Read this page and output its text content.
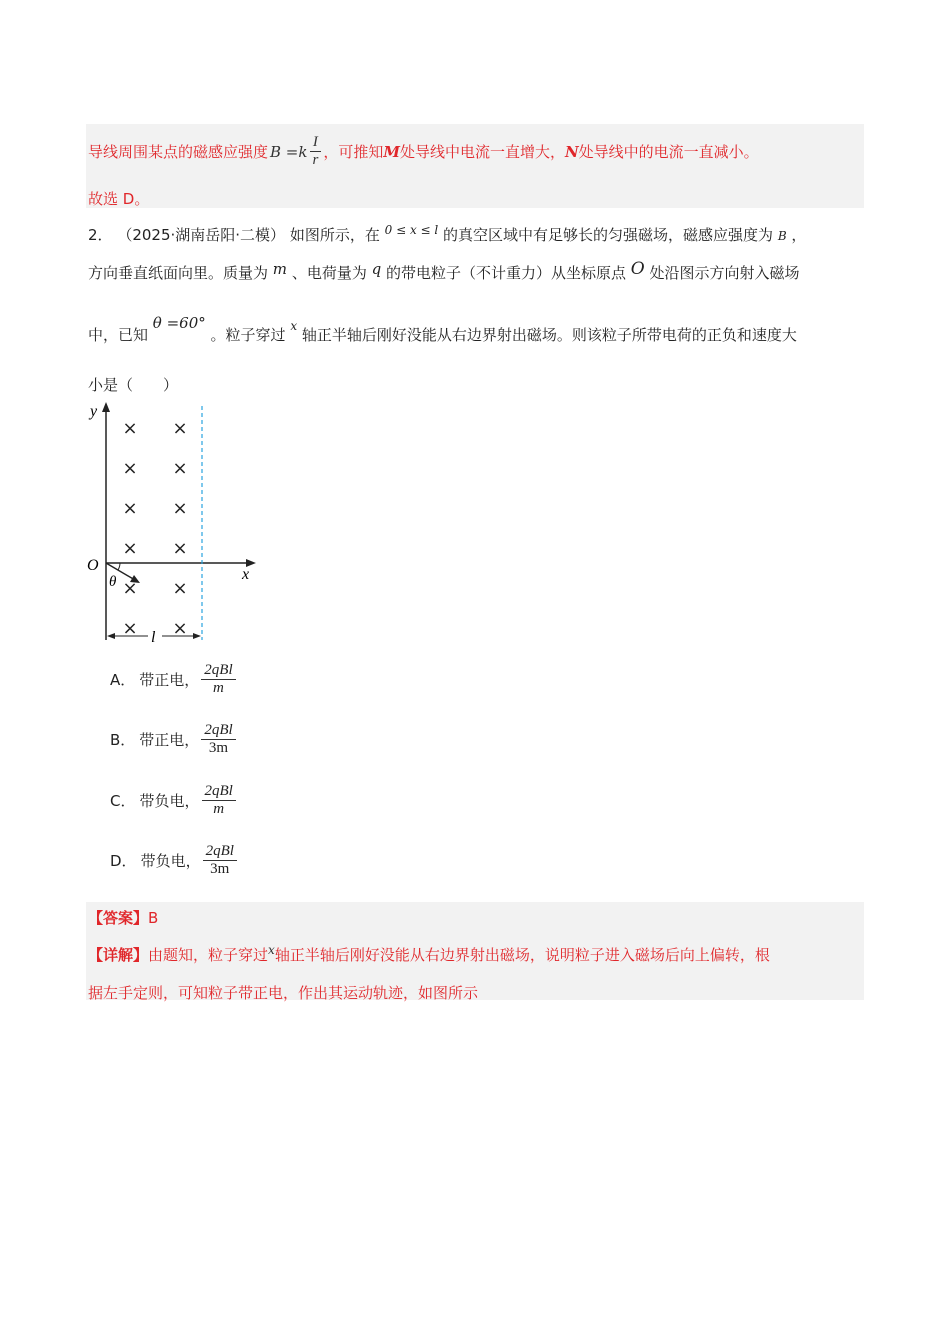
导线周围某点的磁感应强度 $B =k \frac{I}{r}$ ，可推知 M 处导线中电流一直增大， N 处导线中的电流一直减小。
故选 D。
2． （2025·湖南岳阳·二模） 如图所示，在 $^{0 \le x \le l}$ 的真空区域中有足够长的匀强磁场，磁感应强度为 B ，
方向垂直纸面向里。质量为 m 、电荷量为 q 的带电粒子（不计重力）从坐标原点 O 处沿图示方向射入磁场
中，已知 θ =60° 。粒子穿过 $^x$ 轴正半轴后刚好没能从右边界射出磁场。则该粒子所带电荷的正负和速度大
小是（　　）
y
x
O
θ
× ×
× ×
× ×
× ×
× ×
× ×
l
A． 带正电， $\frac{\text{2qBl}}{m}$
B． 带正电， $\frac{\text{2qBl}}{3m}$
C． 带负电， $\frac{\text{2qBl}}{m}$
D． 带负电， $\frac{\text{2qBl}}{3m}$
【答案】B
【详解】由题知，粒子穿过$^x$轴正半轴后刚好没能从右边界射出磁场，说明粒子进入磁场后向上偏转，根
据左手定则，可知粒子带正电，作出其运动轨迹，如图所示
